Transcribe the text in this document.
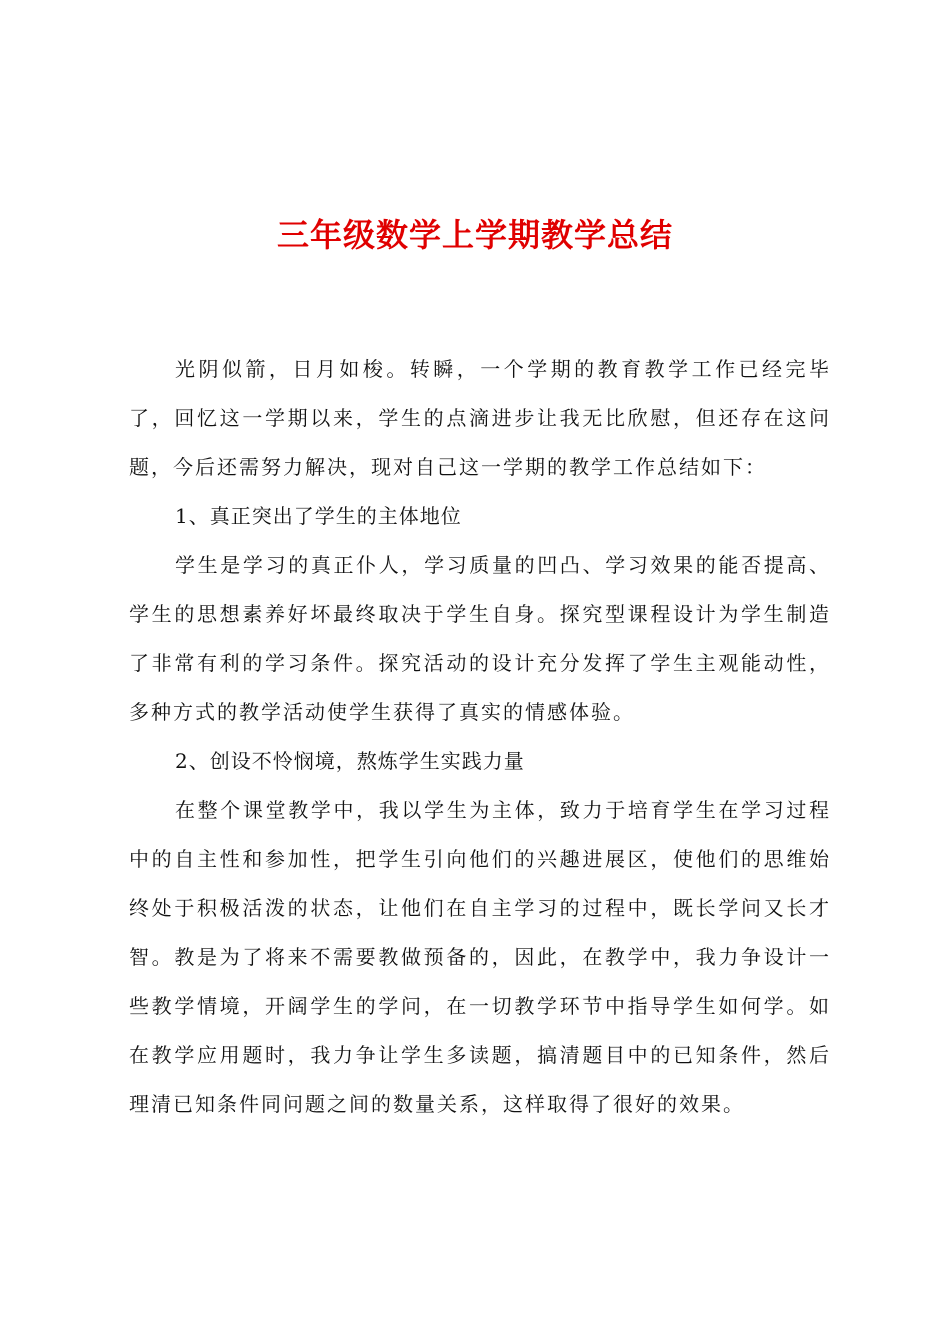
三年级数学上学期教学总结

光阴似箭，日月如梭。转瞬，一个学期的教育教学工作已经完毕了，回忆这一学期以来，学生的点滴进步让我无比欣慰，但还存在这问题，今后还需努力解决，现对自己这一学期的教学工作总结如下：

1、真正突出了学生的主体地位

学生是学习的真正仆人，学习质量的凹凸、学习效果的能否提高、学生的思想素养好坏最终取决于学生自身。探究型课程设计为学生制造了非常有利的学习条件。探究活动的设计充分发挥了学生主观能动性，多种方式的教学活动使学生获得了真实的情感体验。

2、创设不怜悯境，熬炼学生实践力量

在整个课堂教学中，我以学生为主体，致力于培育学生在学习过程中的自主性和参加性，把学生引向他们的兴趣进展区，使他们的思维始终处于积极活泼的状态，让他们在自主学习的过程中，既长学问又长才智。教是为了将来不需要教做预备的，因此，在教学中，我力争设计一些教学情境，开阔学生的学问，在一切教学环节中指导学生如何学。如在教学应用题时，我力争让学生多读题，搞清题目中的已知条件，然后理清已知条件同问题之间的数量关系，这样取得了很好的效果。
